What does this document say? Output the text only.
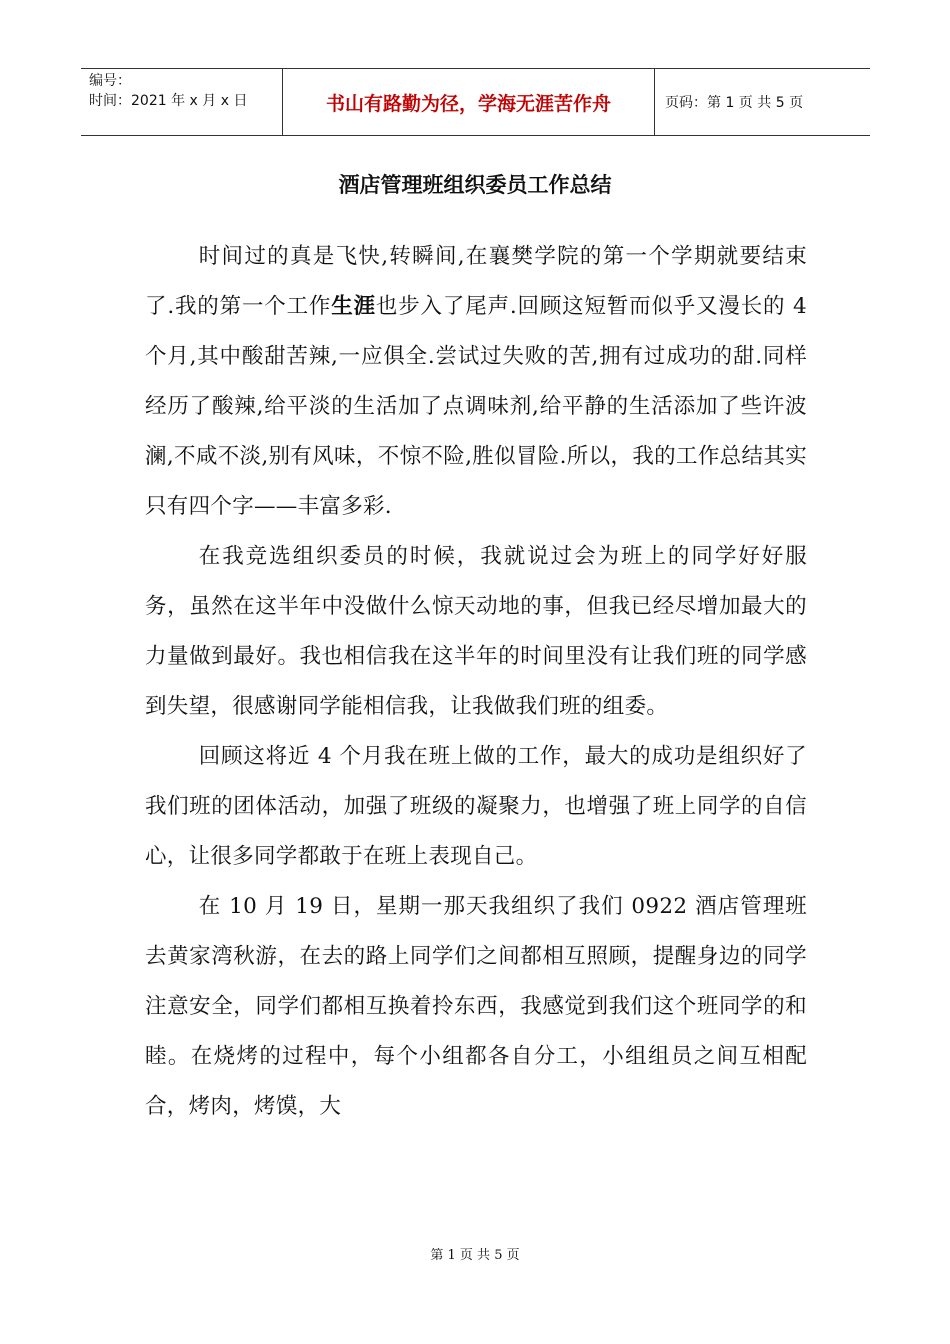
编号：
时间：2021 年 x 月 x 日	书山有路勤为径，学海无涯苦作舟	页码：第 1 页 共 5 页
酒店管理班组织委员工作总结

时间过的真是飞快,转瞬间,在襄樊学院的第一个学期就要结束了.我的第一个工作生涯也步入了尾声.回顾这短暂而似乎又漫长的 4 个月,其中酸甜苦辣,一应俱全.尝试过失败的苦,拥有过成功的甜.同样经历了酸辣,给平淡的生活加了点调味剂,给平静的生活添加了些许波澜,不咸不淡,别有风味，不惊不险,胜似冒险.所以，我的工作总结其实只有四个字——丰富多彩.

在我竞选组织委员的时候，我就说过会为班上的同学好好服务，虽然在这半年中没做什么惊天动地的事，但我已经尽增加最大的力量做到最好。我也相信我在这半年的时间里没有让我们班的同学感到失望，很感谢同学能相信我，让我做我们班的组委。

回顾这将近 4 个月我在班上做的工作，最大的成功是组织好了我们班的团体活动，加强了班级的凝聚力，也增强了班上同学的自信心，让很多同学都敢于在班上表现自己。

在 10 月 19 日，星期一那天我组织了我们 0922 酒店管理班去黄家湾秋游，在去的路上同学们之间都相互照顾，提醒身边的同学注意安全，同学们都相互换着拎东西，我感觉到我们这个班同学的和睦。在烧烤的过程中，每个小组都各自分工，小组组员之间互相配合，烤肉，烤馍，大

第 1 页 共 5 页
